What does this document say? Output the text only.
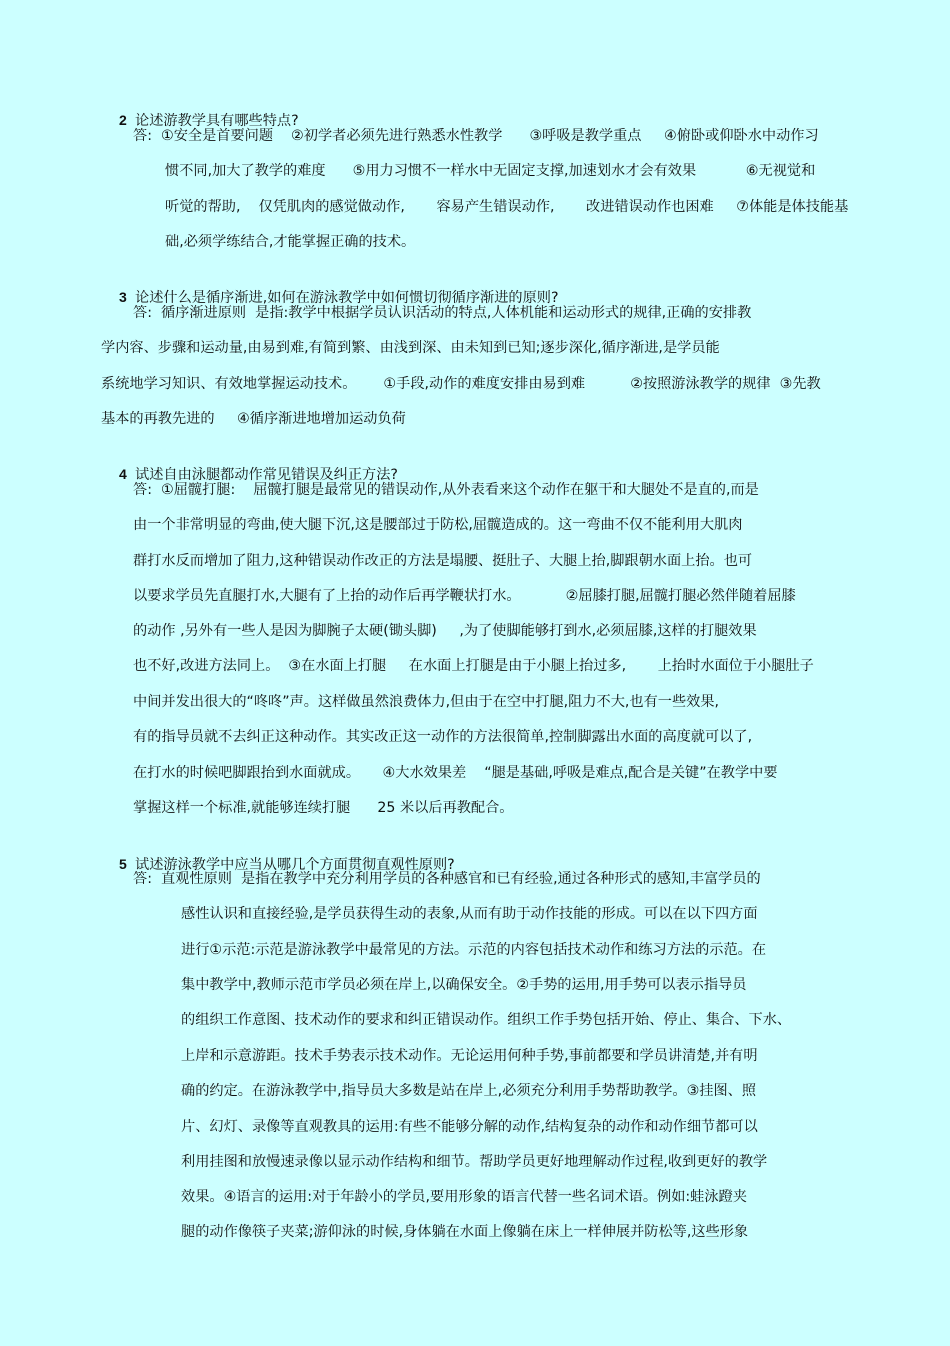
2 论述游教学具有哪些特点?

答:  ①安全是首要问题    ②初学者必须先进行熟悉水性教学      ③呼吸是教学重点     ④俯卧或仰卧水中动作习
惯不同,加大了教学的难度      ⑤用力习惯不一样水中无固定支撑,加速划水才会有效果           ⑥无视觉和
听觉的帮助,    仅凭肌肉的感觉做动作,       容易产生错误动作,       改进错误动作也困难     ⑦体能是体技能基
础,必须学练结合,才能掌握正确的技术。

3 论述什么是循序渐进,如何在游泳教学中如何惯切彻循序渐进的原则?

答:  循序渐进原则  是指:教学中根据学员认识活动的特点,人体机能和运动形式的规律,正确的安排教
学内容、步骤和运动量,由易到难,有简到繁、由浅到深、由未知到已知;逐步深化,循序渐进,是学员能
系统地学习知识、有效地掌握运动技术。      ①手段,动作的难度安排由易到难          ②按照游泳教学的规律  ③先教
基本的再教先进的     ④循序渐进地增加运动负荷

4 试述自由泳腿都动作常见错误及纠正方法?

答:  ①屈髋打腿:    屈髋打腿是最常见的错误动作,从外表看来这个动作在躯干和大腿处不是直的,而是
由一个非常明显的弯曲,使大腿下沉,这是腰部过于防松,屈髋造成的。这一弯曲不仅不能利用大肌肉
群打水反而增加了阻力,这种错误动作改正的方法是塌腰、挺肚子、大腿上抬,脚跟朝水面上抬。也可
以要求学员先直腿打水,大腿有了上抬的动作后再学鞭状打水。          ②屈膝打腿,屈髋打腿必然伴随着屈膝
的动作 ,另外有一些人是因为脚腕子太硬(锄头脚)     ,为了使脚能够打到水,必须屈膝,这样的打腿效果
也不好,改进方法同上。  ③在水面上打腿     在水面上打腿是由于小腿上抬过多,       上抬时水面位于小腿肚子
中间并发出很大的“咚咚”声。这样做虽然浪费体力,但由于在空中打腿,阻力不大,也有一些效果,
有的指导员就不去纠正这种动作。其实改正这一动作的方法很简单,控制脚露出水面的高度就可以了,
在打水的时候吧脚跟抬到水面就成。     ④大水效果差    “腿是基础,呼吸是难点,配合是关键”在教学中要
掌握这样一个标准,就能够连续打腿      25 米以后再教配合。

5 试述游泳教学中应当从哪几个方面贯彻直观性原则?

答:  直观性原则  是指在教学中充分利用学员的各种感官和已有经验,通过各种形式的感知,丰富学员的
感性认识和直接经验,是学员获得生动的表象,从而有助于动作技能的形成。可以在以下四方面
进行①示范:示范是游泳教学中最常见的方法。示范的内容包括技术动作和练习方法的示范。在
集中教学中,教师示范市学员必须在岸上,以确保安全。②手势的运用,用手势可以表示指导员
的组织工作意图、技术动作的要求和纠正错误动作。组织工作手势包括开始、停止、集合、下水、
上岸和示意游距。技术手势表示技术动作。无论运用何种手势,事前都要和学员讲清楚,并有明
确的约定。在游泳教学中,指导员大多数是站在岸上,必须充分利用手势帮助教学。③挂图、照
片、幻灯、录像等直观教具的运用:有些不能够分解的动作,结构复杂的动作和动作细节都可以
利用挂图和放慢速录像以显示动作结构和细节。帮助学员更好地理解动作过程,收到更好的教学
效果。④语言的运用:对于年龄小的学员,要用形象的语言代替一些名词术语。例如:蛙泳蹬夹
腿的动作像筷子夹菜;游仰泳的时候,身体躺在水面上像躺在床上一样伸展并防松等,这些形象
